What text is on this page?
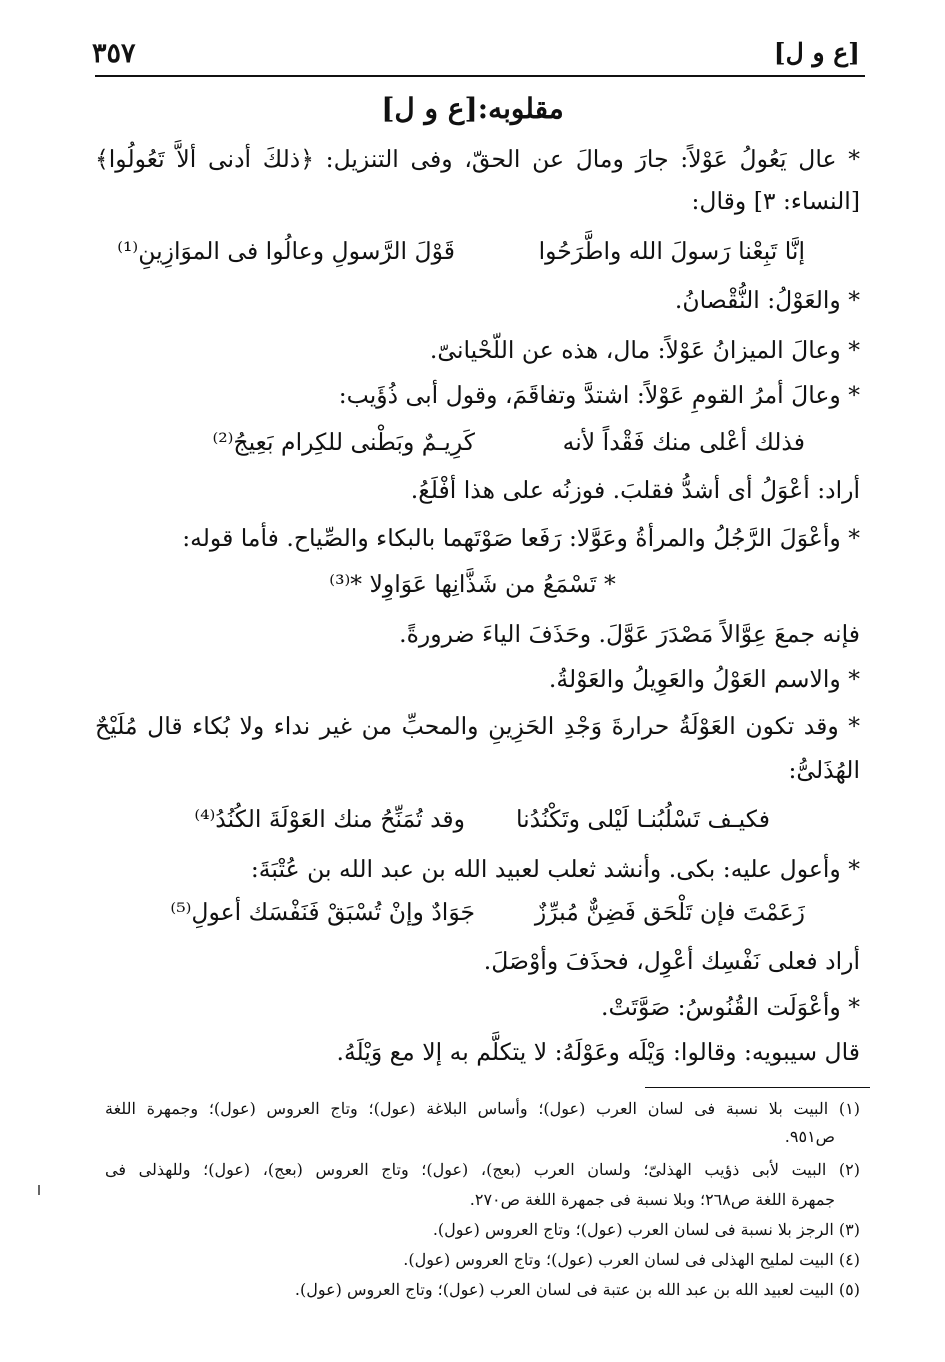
٣٥٧	[ع و ل]
مقلوبه:[ع و ل]
* عال يَعُولُ عَوْلاً: جارَ ومالَ عن الحقّ، وفى التنزيل: ﴿ذلكَ أدنى ألاَّ تَعُولُوا﴾
[النساء: ٣] وقال:
إنَّا تَبِعْنا رَسولَ الله واطَّرَحُوا
قَوْلَ الرَّسولِ وعالُوا فى الموَازِينِ⁽¹⁾
* والعَوْلُ: النُّقْصانُ.
* وعالَ الميزانُ عَوْلاً: مال، هذه عن اللّحْيانىّ.
* وعالَ أمرُ القومِ عَوْلاً: اشتدَّ وتفاقَمَ، وقول أبى ذُؤَيب:
فذلك أعْلى منك فَقْداً لأنه
كَرِيـمٌ وبَطْنى للكِرام بَعِيجُ⁽²⁾
أراد: أعْوَلُ أى أشدُّ فقلبَ. فوزنُه على هذا أفْلَعُ.
* وأعْوَلَ الرَّجُلُ والمرأةُ وعَوَّلا: رَفَعا صَوْتَهما بالبكاء والصِّياح. فأما قوله:
* تَسْمَعُ من شَذَّانِها عَوَاوِلا *⁽³⁾
فإنه جمعَ عِوَّالاً مَصْدَرَ عَوَّلَ. وحَذَفَ الياءَ ضرورةً.
* والاسم العَوْلُ والعَوِيلُ والعَوْلةُ.
* وقد تكون العَوْلَةُ حرارةَ وَجْدِ الحَزِينِ والمحبِّ من غير نداء ولا بُكاء قال مُلَيْحٌ
الهُذَلىُّ:
فكيـف تَسْلُبُنـا لَيْلى وتَكْنُدُنا
وقد تُمَنِّحُ منك العَوْلَةَ الكُنُدُ⁽⁴⁾
* وأعول عليه: بكى. وأنشد ثعلب لعبيد الله بن عبد الله بن عُتْبَةَ:
زَعَمْتَ فإن تَلْحَق فَضِنٌّ مُبرِّزٌ
جَوَادٌ وإنْ تُسْبَقْ فَنَفْسَك أعولِ⁽⁵⁾
أراد فعلى نَفْسِك أعْوِل، فحذَفَ وأوْصَلَ.
* وأعْوَلَت القُنُوسُ: صَوَّتَتْ.
قال سيبويه: وقالوا: وَيْلَه وعَوْلَهُ: لا يتكلَّم به إلا مع وَيْلَهُ.
(١) البيت بلا نسبة فى لسان العرب (عول)؛ وأساس البلاغة (عول)؛ وتاج العروس (عول)؛ وجمهرة اللغة
ص٩٥١.
(٢) البيت لأبى ذؤيب الهذلىّ؛ ولسان العرب (بعج)، (عول)؛ وتاج العروس (بعج)، (عول)؛ وللهذلى فى
جمهرة اللغة ص٢٦٨؛ وبلا نسبة فى جمهرة اللغة ص٢٧٠.
(٣) الرجز بلا نسبة فى لسان العرب (عول)؛ وتاج العروس (عول).
(٤) البيت لمليح الهذلى فى لسان العرب (عول)؛ وتاج العروس (عول).
(٥) البيت لعبيد الله بن عبد الله بن عتبة فى لسان العرب (عول)؛ وتاج العروس (عول).
